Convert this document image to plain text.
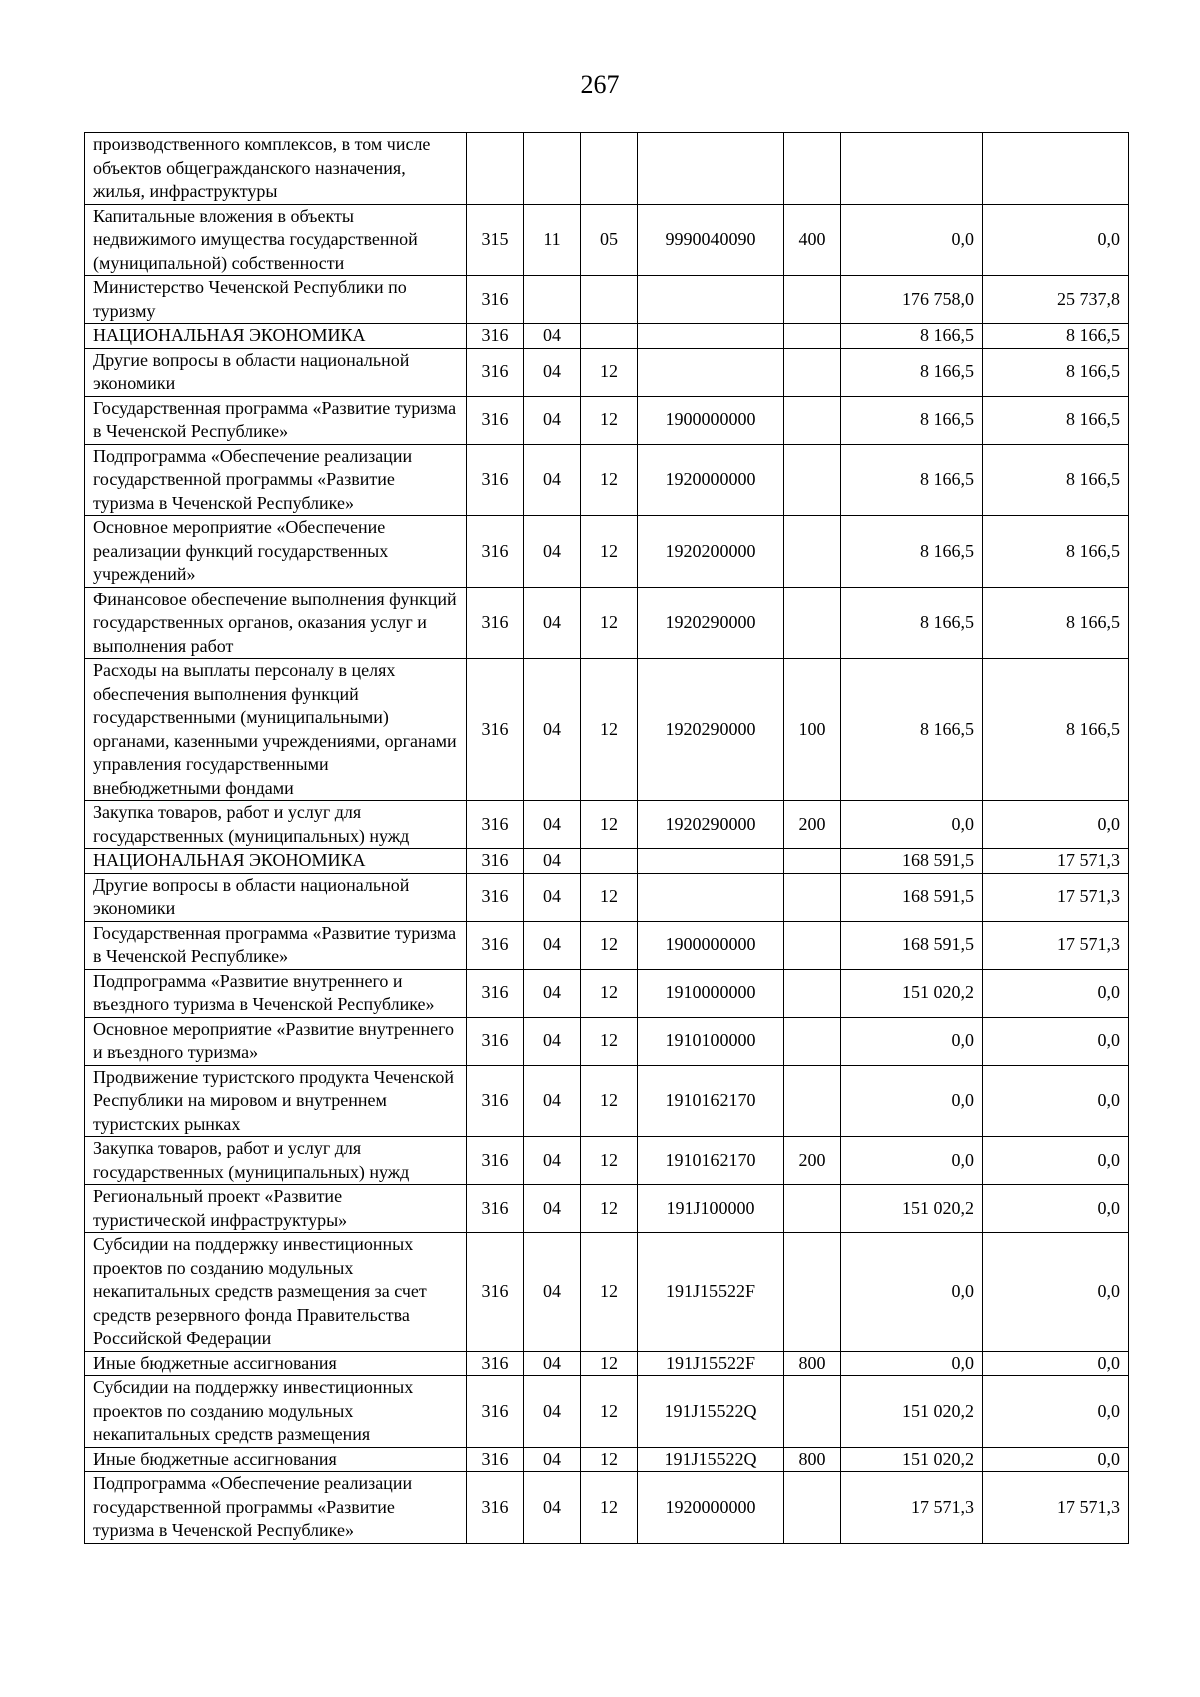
267
производственного комплексов, в том числе объектов общегражданского назначения, жилья, инфраструктуры							
Капитальные вложения в объекты недвижимого имущества государственной (муниципальной) собственности	315	11	05	9990040090	400	0,0	0,0
Министерство Чеченской Республики по туризму	316					176 758,0	25 737,8
НАЦИОНАЛЬНАЯ ЭКОНОМИКА	316	04				8 166,5	8 166,5
Другие вопросы в области национальной экономики	316	04	12			8 166,5	8 166,5
Государственная программа «Развитие туризма в Чеченской Республике»	316	04	12	1900000000		8 166,5	8 166,5
Подпрограмма «Обеспечение реализации государственной программы «Развитие туризма в Чеченской Республике»	316	04	12	1920000000		8 166,5	8 166,5
Основное мероприятие «Обеспечение реализации функций государственных учреждений»	316	04	12	1920200000		8 166,5	8 166,5
Финансовое обеспечение выполнения функций государственных органов, оказания услуг и выполнения работ	316	04	12	1920290000		8 166,5	8 166,5
Расходы на выплаты персоналу в целях обеспечения выполнения функций государственными (муниципальными) органами, казенными учреждениями, органами управления государственными внебюджетными фондами	316	04	12	1920290000	100	8 166,5	8 166,5
Закупка товаров, работ и услуг для государственных (муниципальных) нужд	316	04	12	1920290000	200	0,0	0,0
НАЦИОНАЛЬНАЯ ЭКОНОМИКА	316	04				168 591,5	17 571,3
Другие вопросы в области национальной экономики	316	04	12			168 591,5	17 571,3
Государственная программа «Развитие туризма в Чеченской Республике»	316	04	12	1900000000		168 591,5	17 571,3
Подпрограмма «Развитие внутреннего и въездного туризма в Чеченской Республике»	316	04	12	1910000000		151 020,2	0,0
Основное мероприятие «Развитие внутреннего и въездного туризма»	316	04	12	1910100000		0,0	0,0
Продвижение туристского продукта Чеченской Республики на мировом и внутреннем туристских рынках	316	04	12	1910162170		0,0	0,0
Закупка товаров, работ и услуг для государственных (муниципальных) нужд	316	04	12	1910162170	200	0,0	0,0
Региональный проект «Развитие туристической инфраструктуры»	316	04	12	191J100000		151 020,2	0,0
Субсидии на поддержку инвестиционных проектов по созданию модульных некапитальных средств размещения за счет средств резервного фонда Правительства Российской Федерации	316	04	12	191J15522F		0,0	0,0
Иные бюджетные ассигнования	316	04	12	191J15522F	800	0,0	0,0
Субсидии на поддержку инвестиционных проектов по созданию модульных некапитальных средств размещения	316	04	12	191J15522Q		151 020,2	0,0
Иные бюджетные ассигнования	316	04	12	191J15522Q	800	151 020,2	0,0
Подпрограмма «Обеспечение реализации государственной программы «Развитие туризма в Чеченской Республике»	316	04	12	1920000000		17 571,3	17 571,3
